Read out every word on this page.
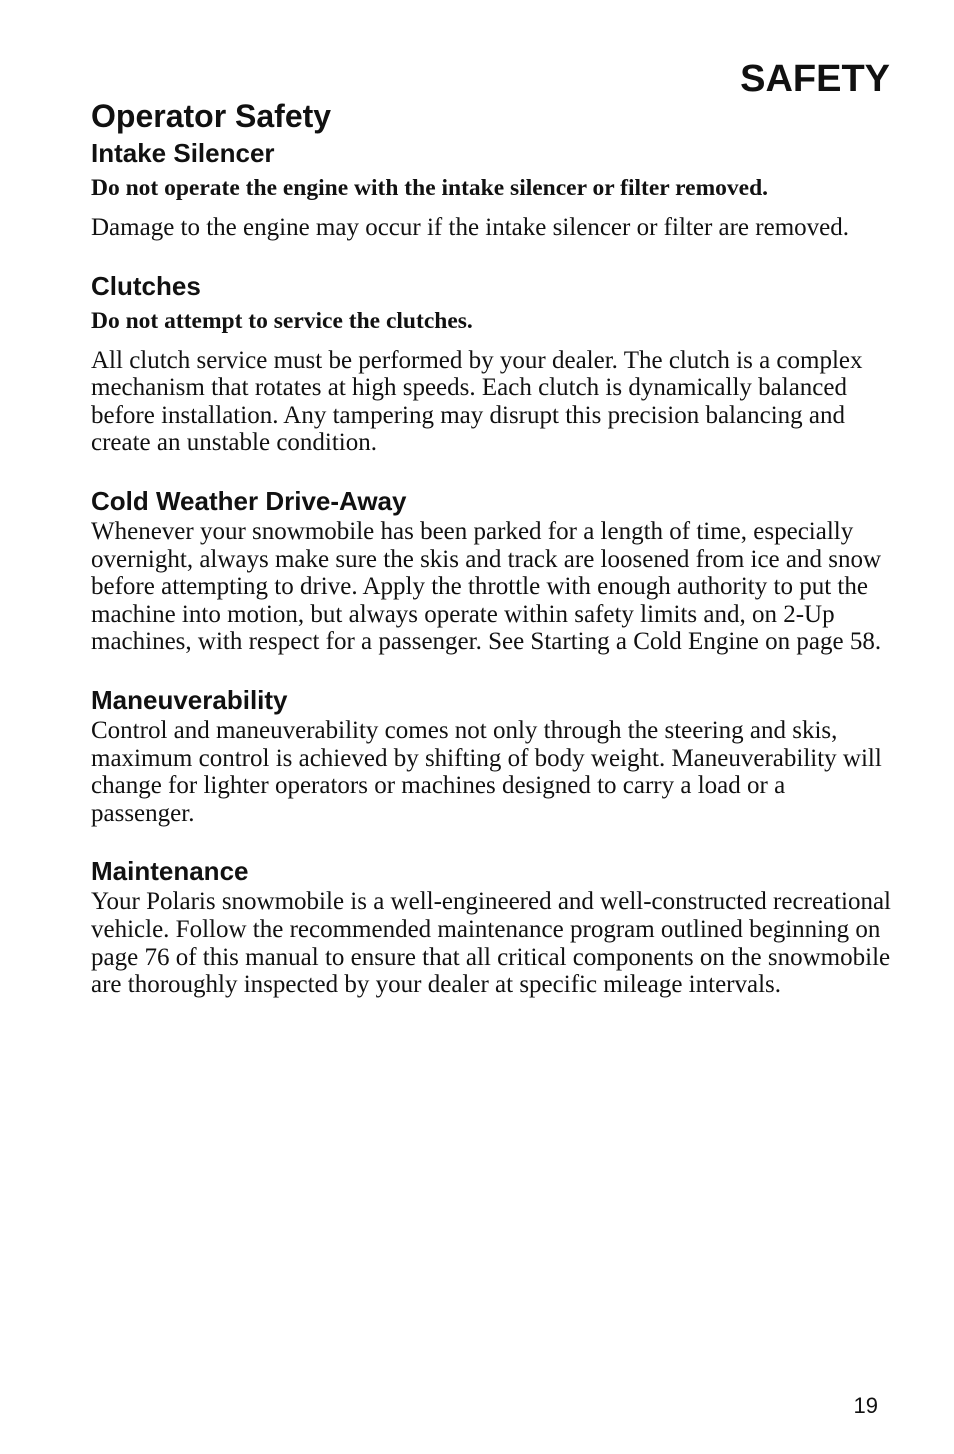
SAFETY
Operator Safety
Intake Silencer

Do not operate the engine with the intake silencer or filter removed.

Damage to the engine may occur if the intake silencer or filter are removed.

Clutches

Do not attempt to service the clutches.

All clutch service must be performed by your dealer. The clutch is a complex mechanism that rotates at high speeds. Each clutch is dynamically balanced before installation. Any tampering may disrupt this precision balancing and create an unstable condition.

Cold Weather Drive-Away

Whenever your snowmobile has been parked for a length of time, especially overnight, always make sure the skis and track are loosened from ice and snow before attempting to drive. Apply the throttle with enough authority to put the machine into motion, but always operate within safety limits and, on 2-Up machines, with respect for a passenger. See Starting a Cold Engine on page 58.

Maneuverability

Control and maneuverability comes not only through the steering and skis, maximum control is achieved by shifting of body weight. Maneuverability will change for lighter operators or machines designed to carry a load or a passenger.

Maintenance

Your Polaris snowmobile is a well-engineered and well-constructed recreational vehicle. Follow the recommended maintenance program outlined beginning on page 76 of this manual to ensure that all critical components on the snowmobile are thoroughly inspected by your dealer at specific mileage intervals.

19
